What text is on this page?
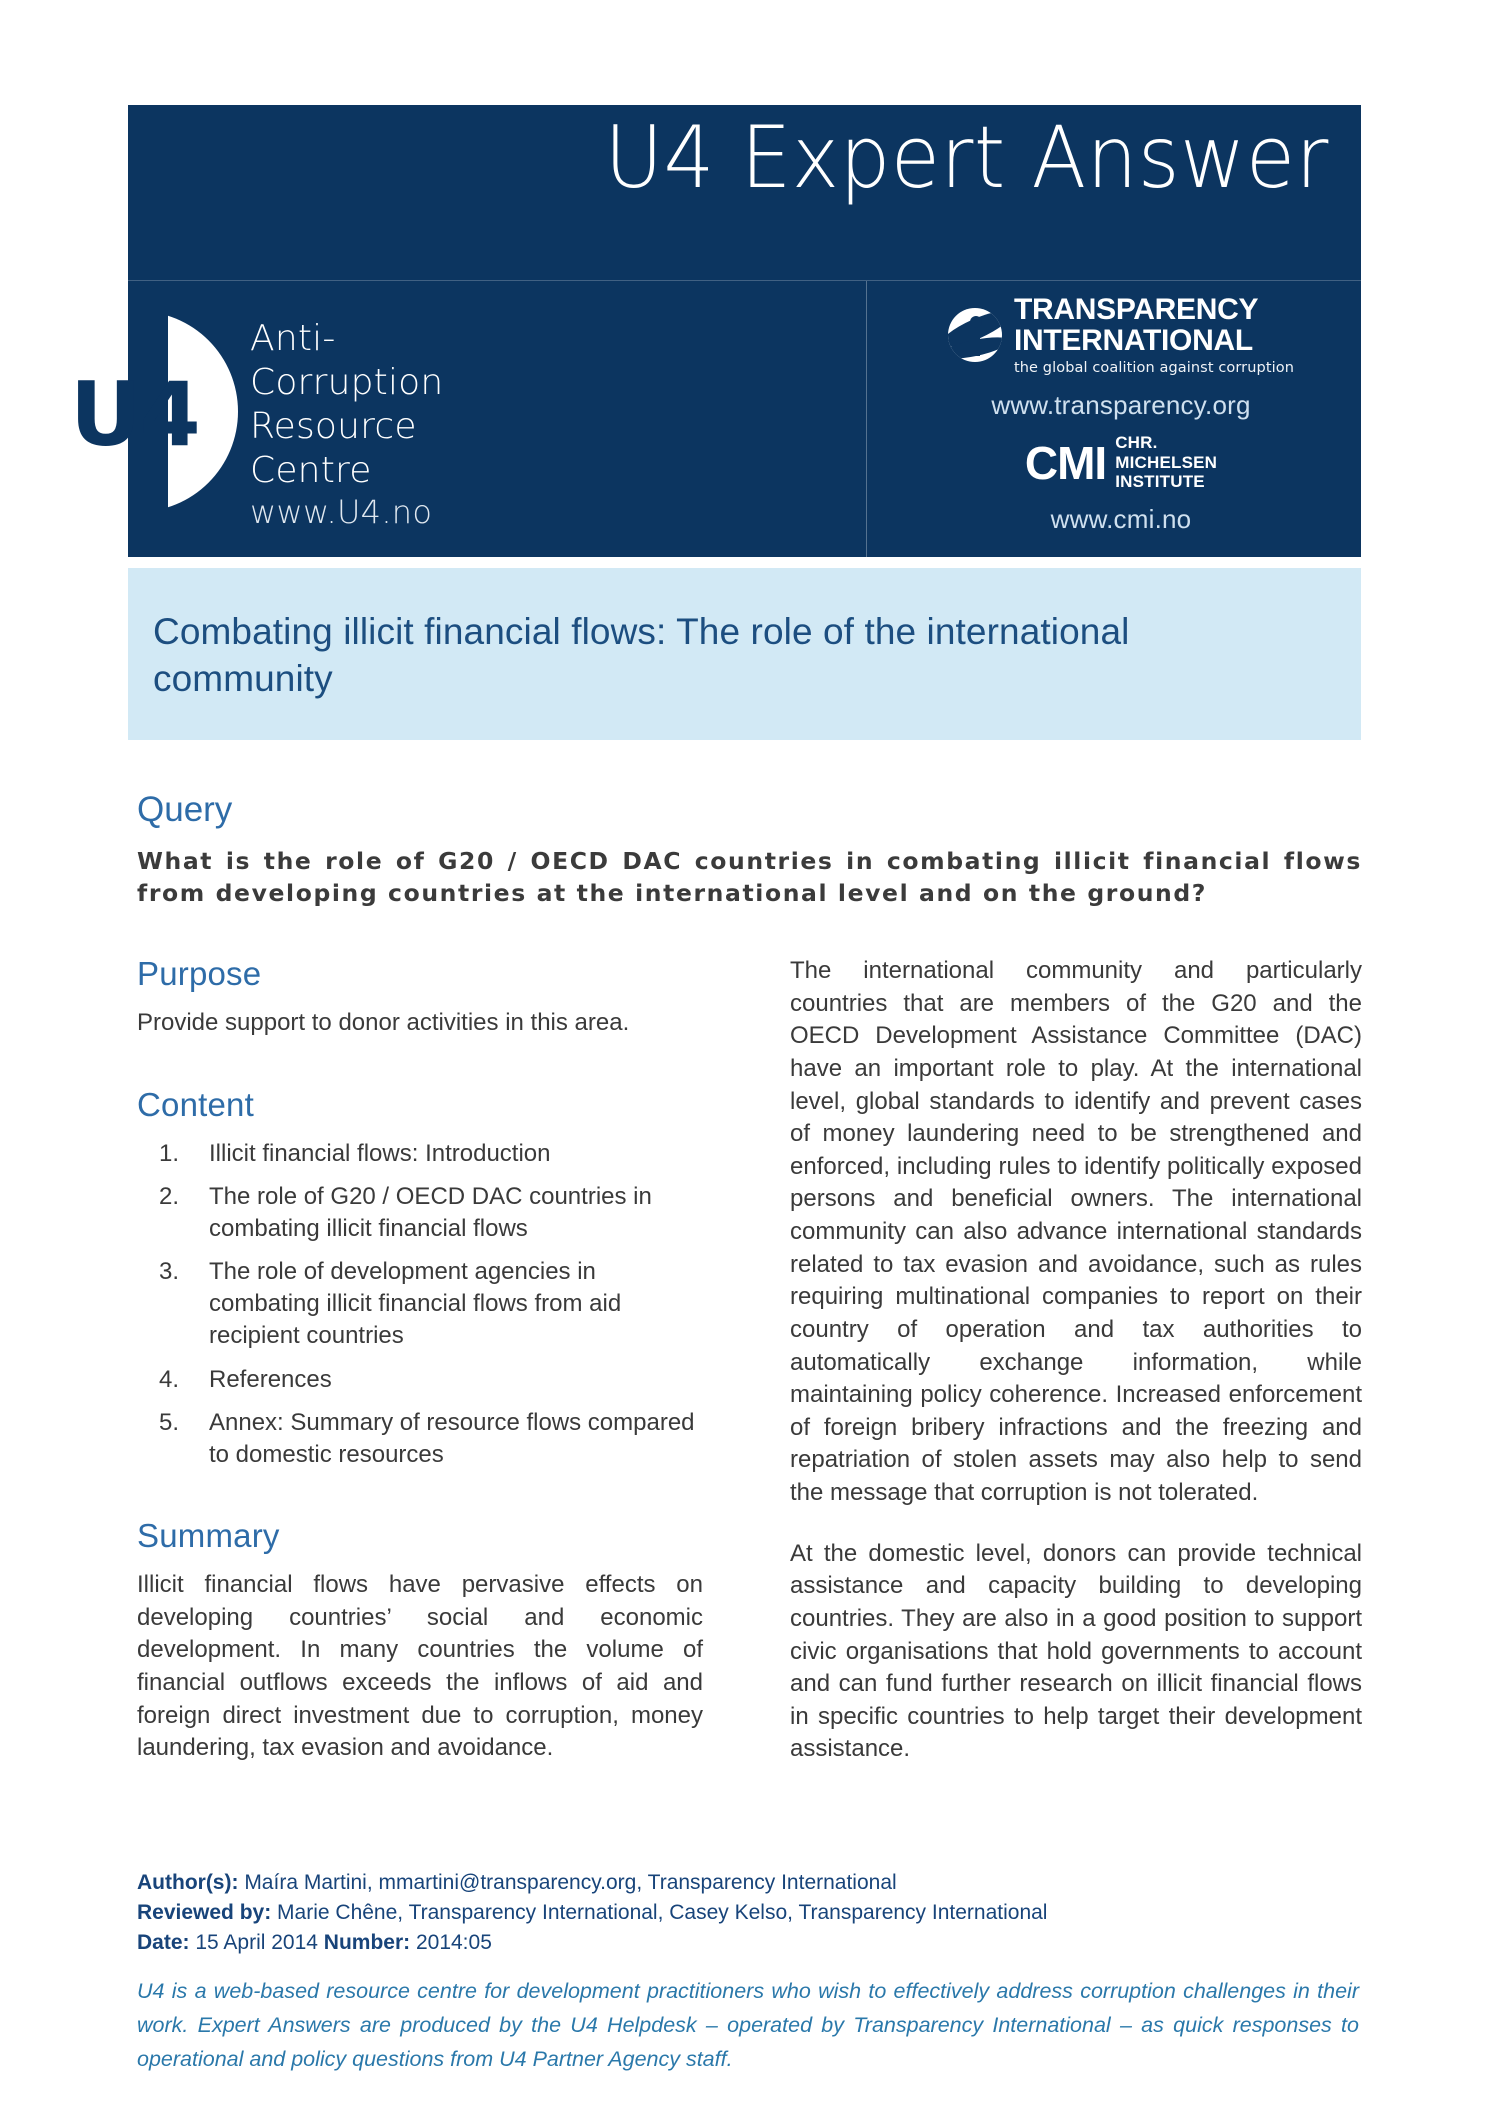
U4 Expert Answer
U4
Anti-
Corruption
Resource
Centre
www.U4.no
TRANSPARENCY
INTERNATIONAL
the global coalition against corruption
www.transparency.org
CMI CHR.
MICHELSEN
INSTITUTE
www.cmi.no
Combating illicit financial flows: The role of the international community
Query
What is the role of G20 / OECD DAC countries in combating illicit financial flows from developing countries at the international level and on the ground?
Purpose

Provide support to donor activities in this area.

Content
Illicit financial flows: Introduction
The role of G20 / OECD DAC countries in combating illicit financial flows
The role of development agencies in combating illicit financial flows from aid recipient countries
References
Annex: Summary of resource flows compared to domestic resources
Summary

Illicit financial flows have pervasive effects on developing countries’ social and economic development. In many countries the volume of financial outflows exceeds the inflows of aid and foreign direct investment due to corruption, money laundering, tax evasion and avoidance.

The international community and particularly countries that are members of the G20 and the OECD Development Assistance Committee (DAC) have an important role to play. At the international level, global standards to identify and prevent cases of money laundering need to be strengthened and enforced, including rules to identify politically exposed persons and beneficial owners. The international community can also advance international standards related to tax evasion and avoidance, such as rules requiring multinational companies to report on their country of operation and tax authorities to automatically exchange information, while maintaining policy coherence. Increased enforcement of foreign bribery infractions and the freezing and repatriation of stolen assets may also help to send the message that corruption is not tolerated.

At the domestic level, donors can provide technical assistance and capacity building to developing countries. They are also in a good position to support civic organisations that hold governments to account and can fund further research on illicit financial flows in specific countries to help target their development assistance.

Author(s): Maíra Martini, mmartini@transparency.org, Transparency International
Reviewed by: Marie Chêne, Transparency International, Casey Kelso, Transparency International
Date: 15 April 2014 Number: 2014:05
U4 is a web-based resource centre for development practitioners who wish to effectively address corruption challenges in their work. Expert Answers are produced by the U4 Helpdesk – operated by Transparency International – as quick responses to operational and policy questions from U4 Partner Agency staff.
